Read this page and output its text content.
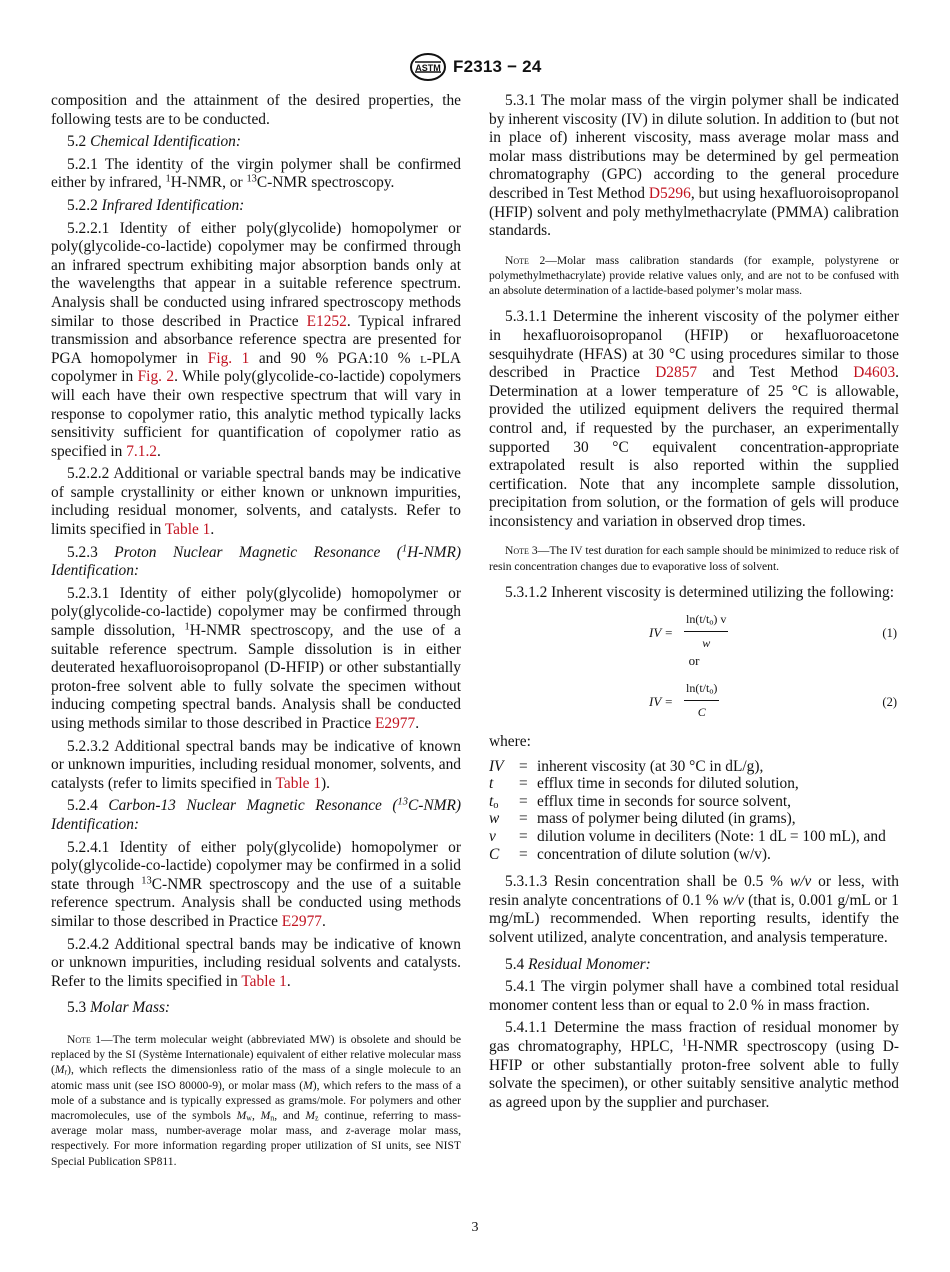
ASTM F2313 − 24

composition and the attainment of the desired properties, the following tests are to be conducted.

5.2 Chemical Identification:

5.2.1 The identity of the virgin polymer shall be confirmed either by infrared, $^1$H-NMR, or $^{13}$C-NMR spectroscopy.

5.2.2 Infrared Identification:

5.2.2.1 Identity of either poly(glycolide) homopolymer or poly(glycolide-co-lactide) copolymer may be confirmed through an infrared spectrum exhibiting major absorption bands only at the wavelengths that appear in a suitable reference spectrum. Analysis shall be conducted using infrared spectroscopy methods similar to those described in Practice E1252. Typical infrared transmission and absorbance reference spectra are presented for PGA homopolymer in Fig. 1 and 90 % PGA:10 % l-PLA copolymer in Fig. 2. While poly(glycolide-co-lactide) copolymers will each have their own respective spectrum that will vary in response to copolymer ratio, this analytic method typically lacks sensitivity sufficient for quantification of copolymer ratio as specified in 7.1.2.

5.2.2.2 Additional or variable spectral bands may be indicative of sample crystallinity or either known or unknown impurities, including residual monomer, solvents, and catalysts. Refer to limits specified in Table 1.

5.2.3 Proton Nuclear Magnetic Resonance ($^1$H-NMR) Identification:

5.2.3.1 Identity of either poly(glycolide) homopolymer or poly(glycolide-co-lactide) copolymer may be confirmed through sample dissolution, $^1$H-NMR spectroscopy, and the use of a suitable reference spectrum. Sample dissolution is in either deuterated hexafluoroisopropanol (D-HFIP) or other substantially proton-free solvent able to fully solvate the specimen without inducing competing spectral bands. Analysis shall be conducted using methods similar to those described in Practice E2977.

5.2.3.2 Additional spectral bands may be indicative of known or unknown impurities, including residual monomer, solvents, and catalysts (refer to limits specified in Table 1).

5.2.4 Carbon-13 Nuclear Magnetic Resonance ($^{13}$C-NMR) Identification:

5.2.4.1 Identity of either poly(glycolide) homopolymer or poly(glycolide-co-lactide) copolymer may be confirmed in a solid state through $^{13}$C-NMR spectroscopy and the use of a suitable reference spectrum. Analysis shall be conducted using methods similar to those described in Practice E2977.

5.2.4.2 Additional spectral bands may be indicative of known or unknown impurities, including residual solvents and catalysts. Refer to the limits specified in Table 1.

5.3 Molar Mass:

Note 1—The term molecular weight (abbreviated MW) is obsolete and should be replaced by the SI (Système Internationale) equivalent of either relative molecular mass $(M_r)$, which reflects the dimensionless ratio of the mass of a single molecule to an atomic mass unit (see ISO 80000-9), or molar mass (M), which refers to the mass of a mole of a substance and is typically expressed as grams/mole. For polymers and other macromolecules, use of the symbols $M_w$, $M_n$, and $M_z$ continue, referring to mass-average molar mass, number-average molar mass, and z-average molar mass, respectively. For more information regarding proper utilization of SI units, see NIST Special Publication SP811.

5.3.1 The molar mass of the virgin polymer shall be indicated by inherent viscosity (IV) in dilute solution. In addition to (but not in place of) inherent viscosity, mass average molar mass and molar mass distributions may be determined by gel permeation chromatography (GPC) according to the general procedure described in Test Method D5296, but using hexafluoroisopropanol (HFIP) solvent and poly methylmethacrylate (PMMA) calibration standards.

Note 2—Molar mass calibration standards (for example, polystyrene or polymethylmethacrylate) provide relative values only, and are not to be confused with an absolute determination of a lactide-based polymer’s molar mass.

5.3.1.1 Determine the inherent viscosity of the polymer either in hexafluoroisopropanol (HFIP) or hexafluoroacetone sesquihydrate (HFAS) at 30 °C using procedures similar to those described in Practice D2857 and Test Method D4603. Determination at a lower temperature of 25 °C is allowable, provided the utilized equipment delivers the required thermal control and, if requested by the purchaser, an experimentally supported 30 °C equivalent concentration-appropriate extrapolated result is also reported within the supplied certification. Note that any incomplete sample dissolution, precipitation from solution, or the formation of gels will produce inconsistency and variation in observed drop times.

Note 3—The IV test duration for each sample should be minimized to reduce risk of resin concentration changes due to evaporative loss of solvent.

5.3.1.2 Inherent viscosity is determined utilizing the following:

IV = $\frac{\ln(t/t_o) v}{w}$	(1)
or
IV = $\frac{\ln(t/t_o)}{C}$	(2)

where:

IV	= inherent viscosity (at 30 °C in dL/g),
t	= efflux time in seconds for diluted solution,
$t_o$	= efflux time in seconds for source solvent,
w	= mass of polymer being diluted (in grams),
v	= dilution volume in deciliters (Note: 1 dL = 100 mL), and
C	= concentration of dilute solution (w/v).

5.3.1.3 Resin concentration shall be 0.5 % w/v or less, with resin analyte concentrations of 0.1 % w/v (that is, 0.001 g/mL or 1 mg/mL) recommended. When reporting results, identify the solvent utilized, analyte concentration, and analysis temperature.

5.4 Residual Monomer:

5.4.1 The virgin polymer shall have a combined total residual monomer content less than or equal to 2.0 % in mass fraction.

5.4.1.1 Determine the mass fraction of residual monomer by gas chromatography, HPLC, $^1$H-NMR spectroscopy (using D-HFIP or other substantially proton-free solvent able to fully solvate the specimen), or other suitably sensitive analytic method as agreed upon by the supplier and purchaser.

3
